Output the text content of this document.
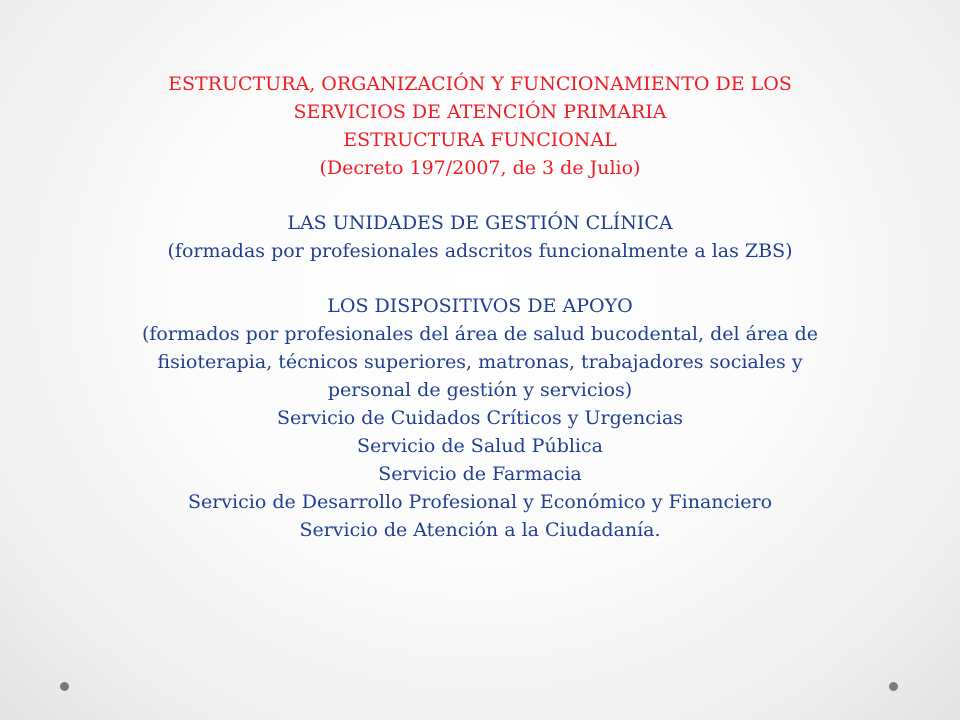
ESTRUCTURA, ORGANIZACIÓN Y FUNCIONAMIENTO DE LOS
SERVICIOS DE ATENCIÓN PRIMARIA
ESTRUCTURA FUNCIONAL
(Decreto 197/2007, de 3 de Julio)
LAS UNIDADES DE GESTIÓN CLÍNICA
(formadas por profesionales adscritos funcionalmente a las ZBS)
LOS DISPOSITIVOS DE APOYO
(formados por profesionales del área de salud bucodental, del área de
fisioterapia, técnicos superiores, matronas, trabajadores sociales y
personal de gestión y servicios)
Servicio de Cuidados Críticos y Urgencias
Servicio de Salud Pública
Servicio de Farmacia
Servicio de Desarrollo Profesional y Económico y Financiero
Servicio de Atención a la Ciudadanía.
